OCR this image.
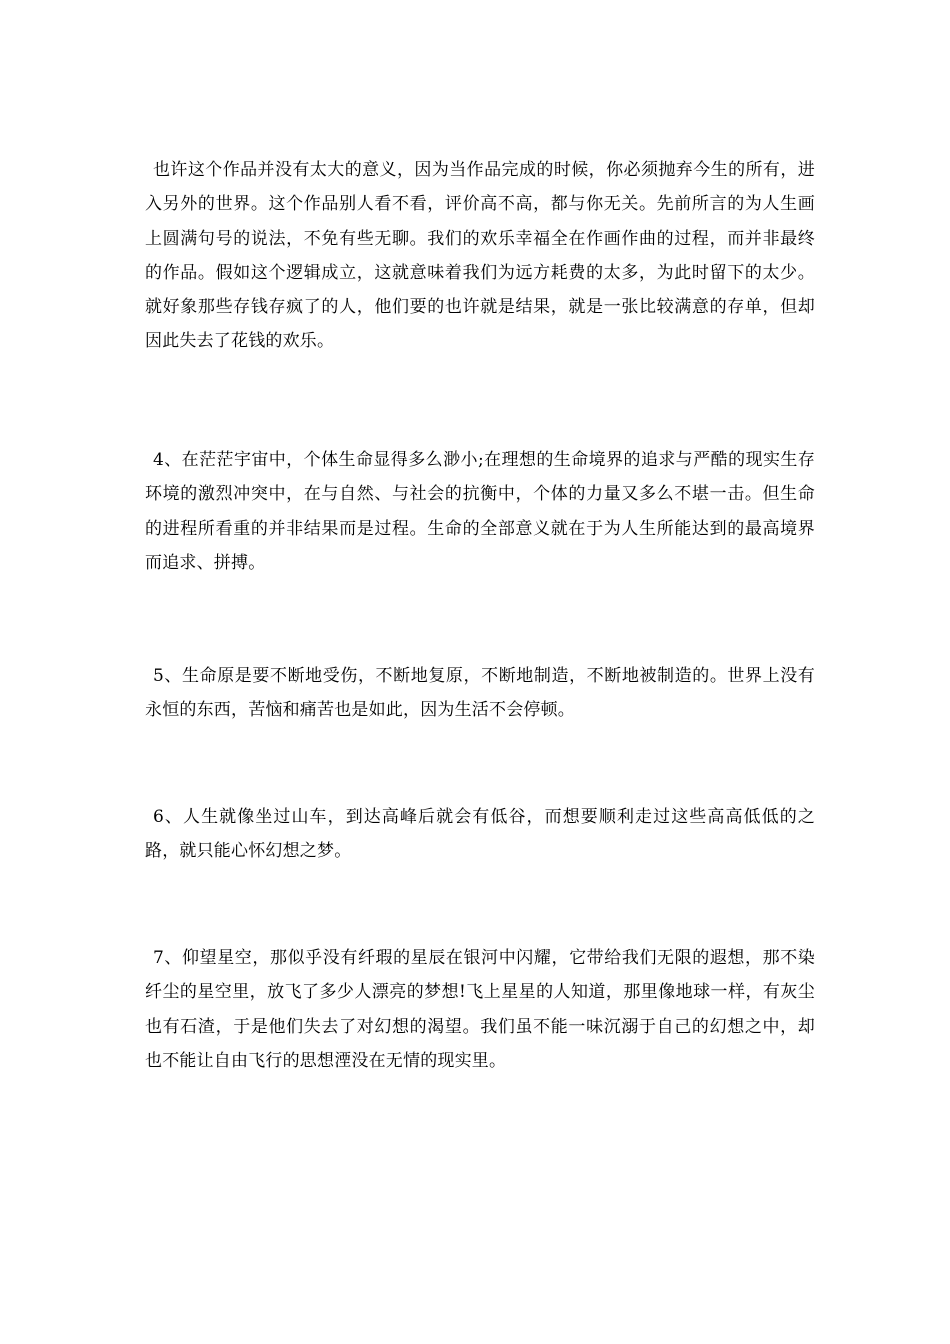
也许这个作品并没有太大的意义，因为当作品完成的时候，你必须抛弃今生的所有，进入另外的世界。这个作品别人看不看，评价高不高，都与你无关。先前所言的为人生画上圆满句号的说法，不免有些无聊。我们的欢乐幸福全在作画作曲的过程，而并非最终的作品。假如这个逻辑成立，这就意味着我们为远方耗费的太多，为此时留下的太少。就好象那些存钱存疯了的人，他们要的也许就是结果，就是一张比较满意的存单，但却因此失去了花钱的欢乐。

4、在茫茫宇宙中，个体生命显得多么渺小;在理想的生命境界的追求与严酷的现实生存环境的激烈冲突中，在与自然、与社会的抗衡中，个体的力量又多么不堪一击。但生命的进程所看重的并非结果而是过程。生命的全部意义就在于为人生所能达到的最高境界而追求、拼搏。

5、生命原是要不断地受伤，不断地复原，不断地制造，不断地被制造的。世界上没有永恒的东西，苦恼和痛苦也是如此，因为生活不会停顿。

6、人生就像坐过山车，到达高峰后就会有低谷，而想要顺利走过这些高高低低的之路，就只能心怀幻想之梦。

7、仰望星空，那似乎没有纤瑕的星辰在银河中闪耀，它带给我们无限的遐想，那不染纤尘的星空里，放飞了多少人漂亮的梦想!飞上星星的人知道，那里像地球一样，有灰尘也有石渣，于是他们失去了对幻想的渴望。我们虽不能一味沉溺于自己的幻想之中，却也不能让自由飞行的思想湮没在无情的现实里。
